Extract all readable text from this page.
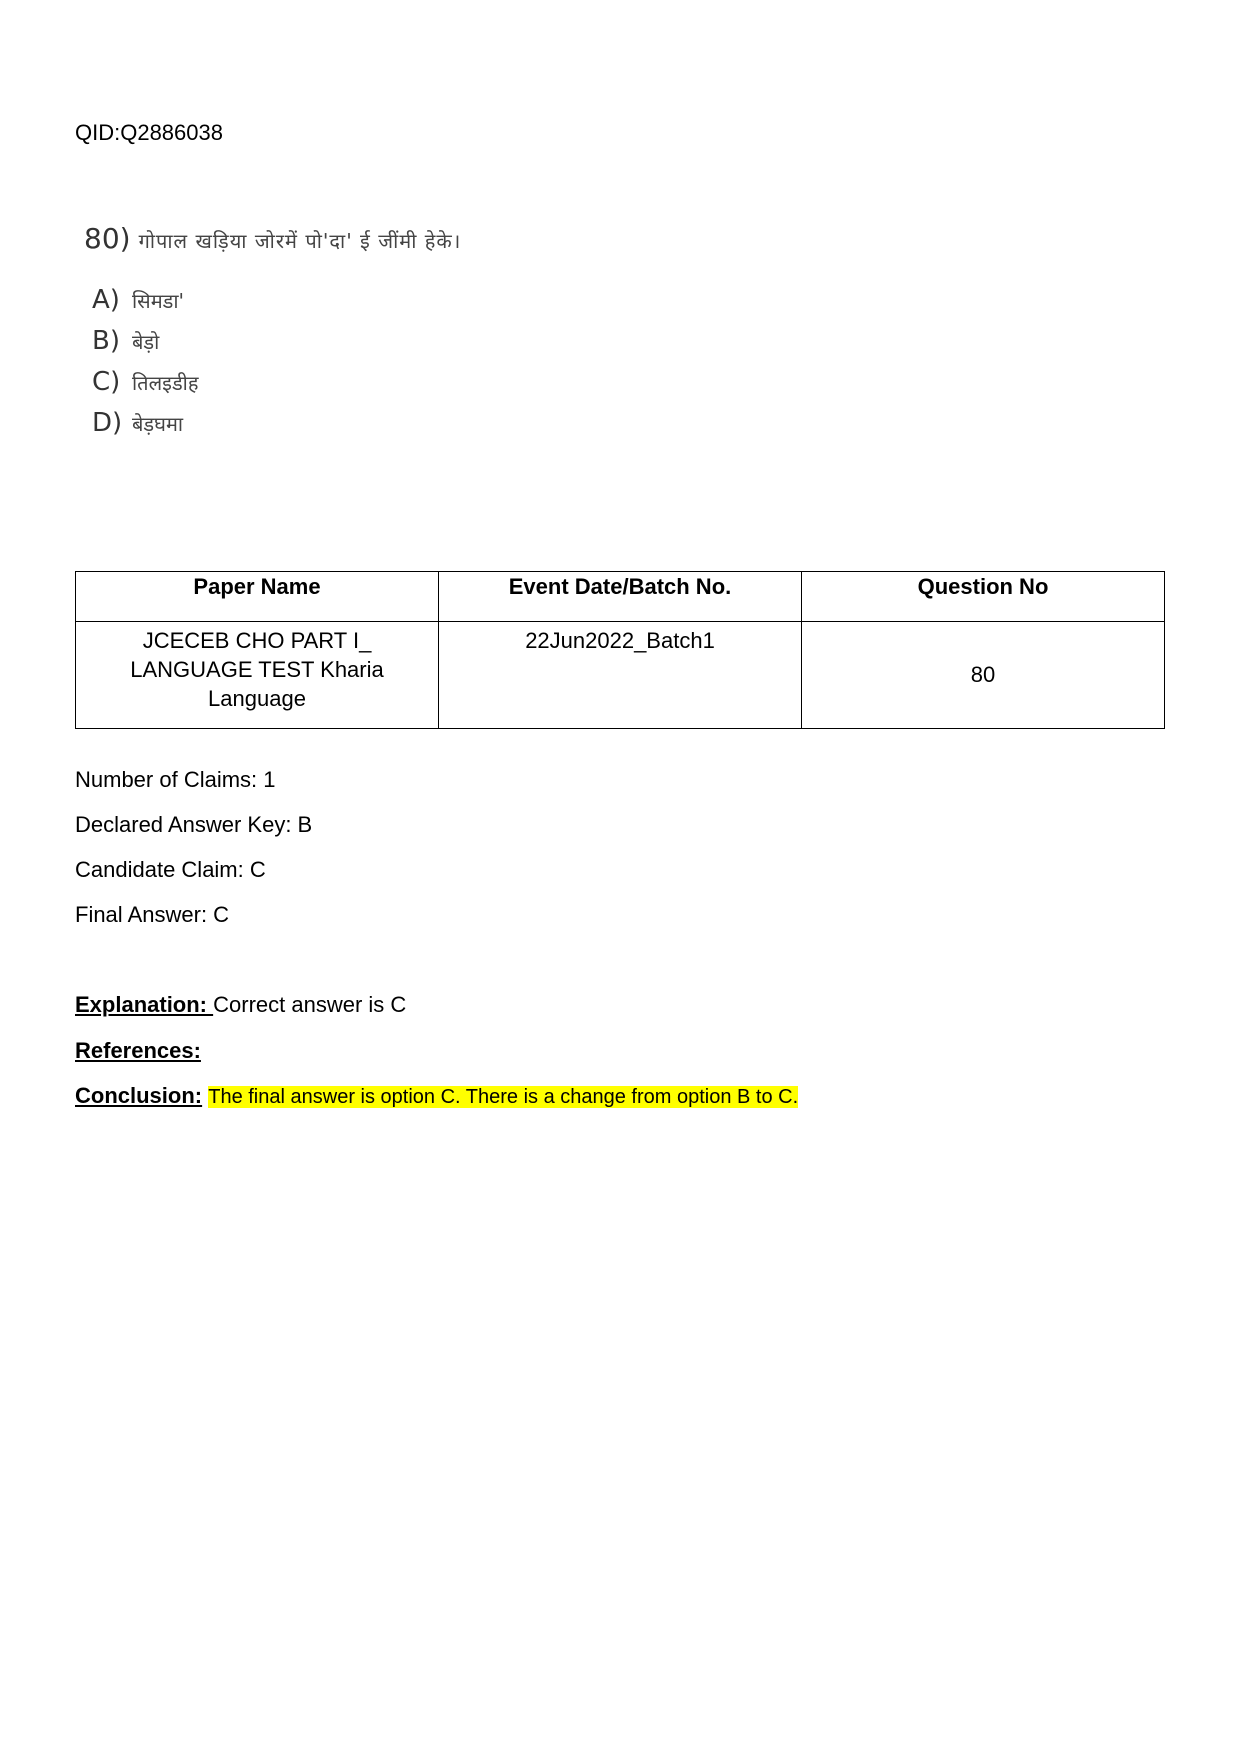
QID:Q2886038
80) गोपाल खड़िया जोरमें पो'दा' ई जींमी हेके।
A) सिमडा'
B) बेड़ो
C) तिलइडीह
D) बेड़घमा
Paper Name	Event Date/Batch No.	Question No

JCECEB CHO PART I_
LANGUAGE TEST Kharia
Language	22Jun2022_Batch1	80
Number of Claims: 1
Declared Answer Key: B
Candidate Claim: C
Final Answer: C
Explanation: Correct answer is C
References:
Conclusion: The final answer is option C. There is a change from option B to C.
